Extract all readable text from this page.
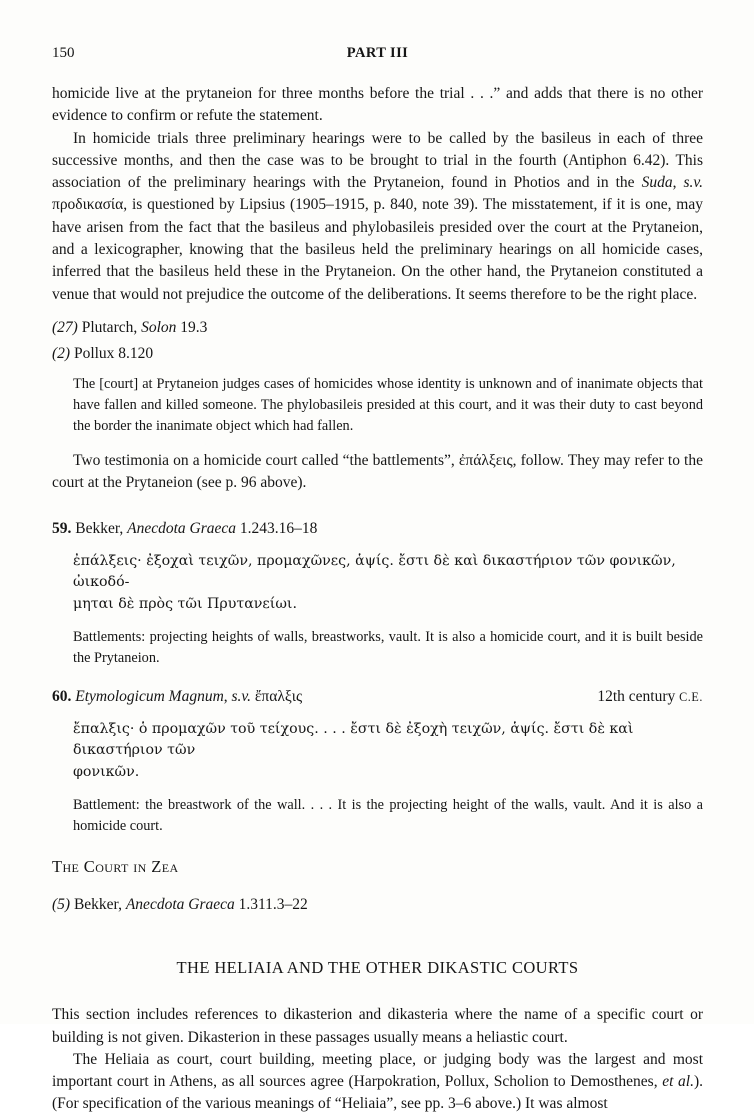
150	PART III

homicide live at the prytaneion for three months before the trial . . .” and adds that there is no other evidence to confirm or refute the statement.

In homicide trials three preliminary hearings were to be called by the basileus in each of three successive months, and then the case was to be brought to trial in the fourth (Antiphon 6.42). This association of the preliminary hearings with the Prytaneion, found in Photios and in the Suda, s.v. προδικασία, is questioned by Lipsius (1905–1915, p. 840, note 39). The misstatement, if it is one, may have arisen from the fact that the basileus and phylobasileis presided over the court at the Prytaneion, and a lexicographer, knowing that the basileus held the preliminary hearings on all homicide cases, inferred that the basileus held these in the Prytaneion. On the other hand, the Prytaneion constituted a venue that would not prejudice the outcome of the deliberations. It seems therefore to be the right place.

(27) Plutarch, Solon 19.3

(2) Pollux 8.120

The [court] at Prytaneion judges cases of homicides whose identity is unknown and of inanimate objects that have fallen and killed someone. The phylobasileis presided at this court, and it was their duty to cast beyond the border the inanimate object which had fallen.

Two testimonia on a homicide court called “the battlements”, ἐπάλξεις, follow. They may refer to the court at the Prytaneion (see p. 96 above).

59. Bekker, Anecdota Graeca 1.243.16–18

ἐπάλξεις· ἐξοχαὶ τειχῶν, προμαχῶνες, ἁψίς. ἔστι δὲ καὶ δικαστήριον τῶν φονικῶν, ὠικοδό-
μηται δὲ πρὸς τῶι Πρυτανείωι.

Battlements: projecting heights of walls, breastworks, vault. It is also a homicide court, and it is built beside the Prytaneion.

60. Etymologicum Magnum, s.v. ἔπαλξις	12th century C.E.

ἔπαλξις· ὁ προμαχῶν τοῦ τείχους. . . . ἔστι δὲ ἐξοχὴ τειχῶν, ἁψίς. ἔστι δὲ καὶ δικαστήριον τῶν
φονικῶν.

Battlement: the breastwork of the wall. . . . It is the projecting height of the walls, vault. And it is also a homicide court.

The Court in Zea

(5) Bekker, Anecdota Graeca 1.311.3–22

THE HELIAIA AND THE OTHER DIKASTIC COURTS

This section includes references to dikasterion and dikasteria where the name of a specific court or building is not given. Dikasterion in these passages usually means a heliastic court.

The Heliaia as court, court building, meeting place, or judging body was the largest and most important court in Athens, as all sources agree (Harpokration, Pollux, Scholion to Demosthenes, et al.). (For specification of the various meanings of “Heliaia”, see pp. 3–6 above.) It was almost
